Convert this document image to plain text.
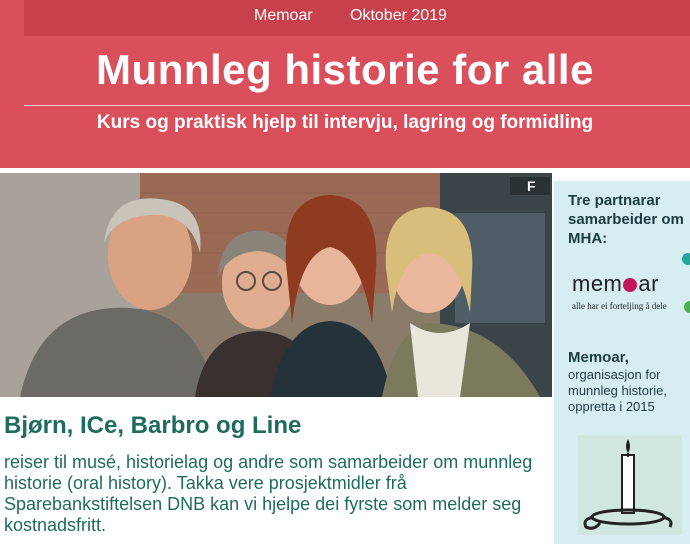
Memoar Oktober 2019
Munnleg historie for alle
Kurs og praktisk hjelp til intervju, lagring og formidling
F
Bjørn, ICe, Barbro og Line
reiser til musé, historielag og andre som samarbeider om munnleg historie (oral history). Takka vere prosjektmidler frå Sparebankstiftelsen DNB kan vi hjelpe dei fyrste som melder seg kostnadsfritt.
Tre partnarar samarbeider om MHA:
mem ar
alle har ei forteljing å dele
Memoar,
organisasjon for munnleg historie, oppretta i 2015
